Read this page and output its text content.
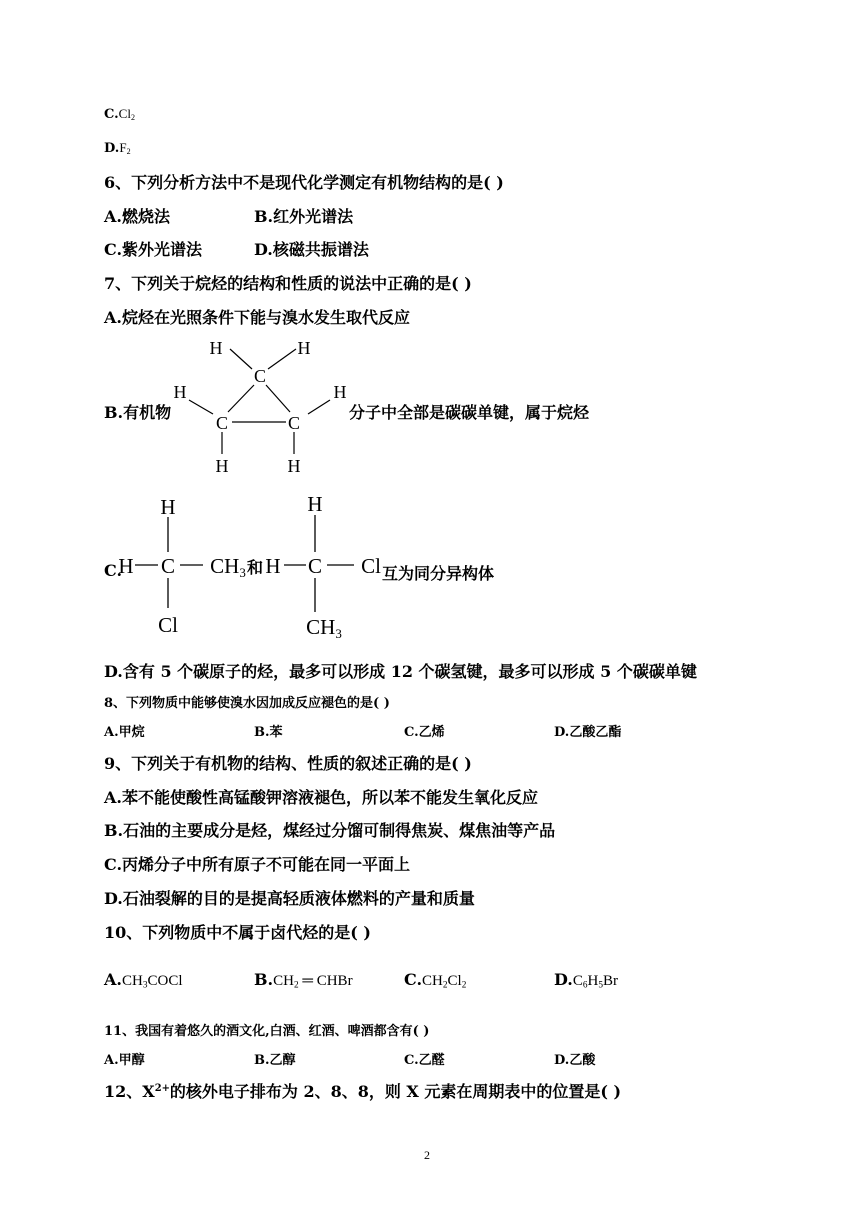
$C.Cl_2$
$D.F_2$
6、下列分析方法中不是现代化学测定有机物结构的是( )
A.燃烧法	B.红外光谱法
C.紫外光谱法	D.核磁共振谱法
7、下列关于烷烃的结构和性质的说法中正确的是( )
A.烷烃在光照条件下能与溴水发生取代反应
B.有机物
H	H
C
H	H
C	C
H	H
分子中全部是碳碳单键，属于烷烃
C.
H
H C
Cl
CH3
H
H C Cl
CH3
和	互为同分异构体
D.含有 5 个碳原子的烃，最多可以形成 12 个碳氢键，最多可以形成 5 个碳碳单键
8、下列物质中能够使溴水因加成反应褪色的是( )
A.甲烷	B.苯	C.乙烯	D.乙酸乙酯
9、下列关于有机物的结构、性质的叙述正确的是( )
A.苯不能使酸性高锰酸钾溶液褪色，所以苯不能发生氧化反应
B.石油的主要成分是烃，煤经过分馏可制得焦炭、煤焦油等产品
C.丙烯分子中所有原子不可能在同一平面上
D.石油裂解的目的是提高轻质液体燃料的产量和质量
10、下列物质中不属于卤代烃的是( )
$A.CH_3COCl$	$B.CH_2$ ═ CHBr	$C.CH_2Cl_2$	$D.C_6H_5Br$
11、我国有着悠久的酒文化,白酒、红酒、啤酒都含有( )
A.甲醇	B.乙醇	C.乙醛	D.乙酸
12、$X^{2+}$的核外电子排布为 2、8、8，则 X 元素在周期表中的位置是( )
2
